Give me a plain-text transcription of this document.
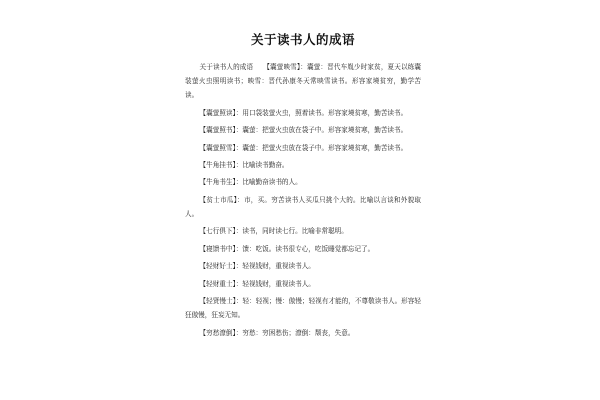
关于读书人的成语

关于读书人的成语　　【囊萤映雪】：囊萤：晋代车胤少时家贫，夏天以练囊装萤火虫照明读书；映雪：晋代孙康冬天常映雪读书。形容家境贫穷，勤学苦读。

【囊萤照读】：用口袋装萤火虫，照着读书。形容家境贫寒，勤苦读书。

【囊萤照书】：囊萤：把萤火虫放在袋子中。形容家境贫寒，勤苦读书。

【囊萤照雪】：囊萤：把萤火虫放在袋子中。形容家境贫寒，勤苦读书。

【牛角挂书】：比喻读书勤奋。

【牛角书生】：比喻勤奋读书的人。

【贫士市瓜】：市，买。穷苦读书人买瓜只挑个大的。比喻以言谈和外貌取人。

【七行俱下】：读书，同时读七行。比喻非常聪明。

【寝馈书中】：馈：吃饭。读书很专心，吃饭睡觉都忘记了。

【轻财好士】：轻视钱财，重视读书人。

【轻财重士】：轻视钱财，重视读书人。

【轻贤慢士】：轻：轻视；慢：傲慢；轻视有才能的，不尊敬读书人。形容轻狂傲慢，狂妄无知。

【穷愁潦倒】：穷愁：穷困愁伤；潦倒：颓丧，失意。
